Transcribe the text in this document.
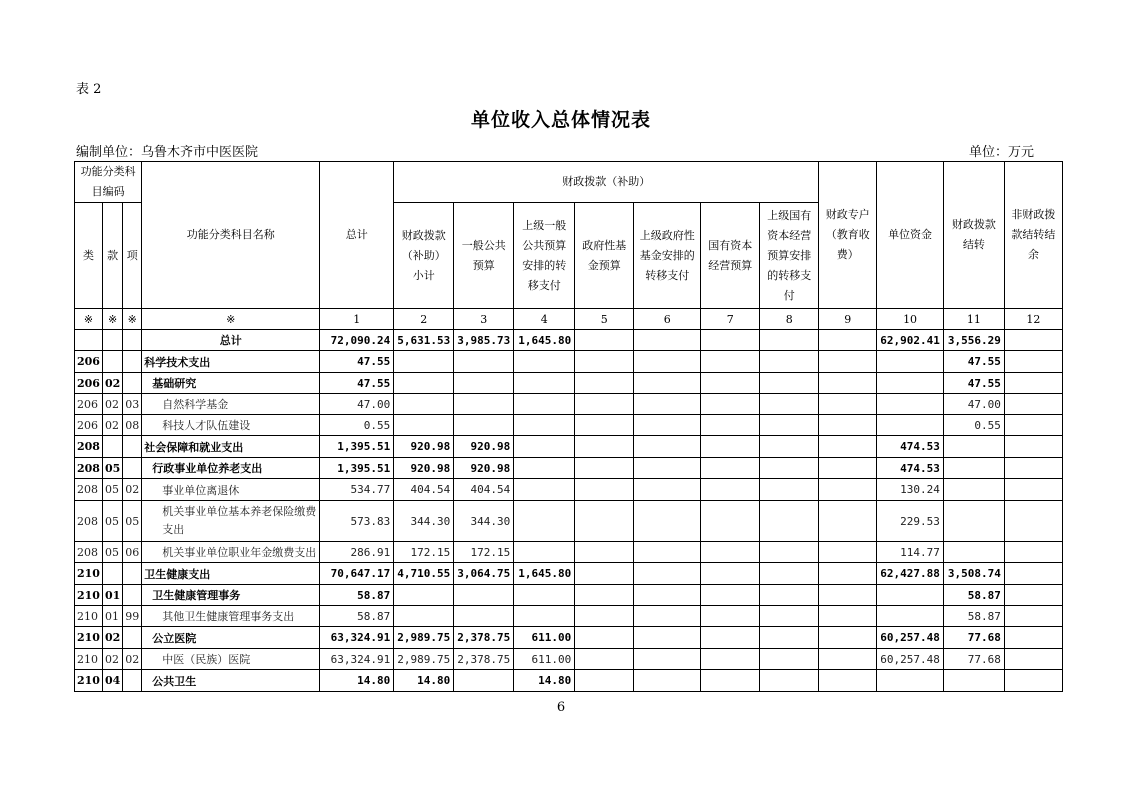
表 2
单位收入总体情况表
编制单位：乌鲁木齐市中医医院	单位：万元
功能分类科目编码			功能分类科目名称	总计	财政拨款（补助）							财政专户（教育收费）	单位资金	财政拨款结转	非财政拨款结转结余
类	款	项			财政拨款（补助）小计	一般公共预算	上级一般公共预算安排的转移支付	政府性基金预算	上级政府性基金安排的转移支付	国有资本经营预算	上级国有资本经营预算安排的转移支付				
※	※	※	※	1	2	3	4	5	6	7	8	9	10	11	12
			总计	72,090.24	5,631.53	3,985.73	1,645.80						62,902.41	3,556.29	
206			科学技术支出	47.55										47.55	
206	02		基础研究	47.55										47.55	
206	02	03	自然科学基金	47.00										47.00	
206	02	08	科技人才队伍建设	0.55										0.55	
208			社会保障和就业支出	1,395.51	920.98	920.98							474.53		
208	05		行政事业单位养老支出	1,395.51	920.98	920.98							474.53		
208	05	02	事业单位离退休	534.77	404.54	404.54							130.24		
208	05	05	机关事业单位基本养老保险缴费支出	573.83	344.30	344.30							229.53		
208	05	06	机关事业单位职业年金缴费支出	286.91	172.15	172.15							114.77		
210			卫生健康支出	70,647.17	4,710.55	3,064.75	1,645.80						62,427.88	3,508.74	
210	01		卫生健康管理事务	58.87										58.87	
210	01	99	其他卫生健康管理事务支出	58.87										58.87	
210	02		公立医院	63,324.91	2,989.75	2,378.75	611.00						60,257.48	77.68	
210	02	02	中医（民族）医院	63,324.91	2,989.75	2,378.75	611.00						60,257.48	77.68	
210	04		公共卫生	14.80	14.80		14.80								
6
